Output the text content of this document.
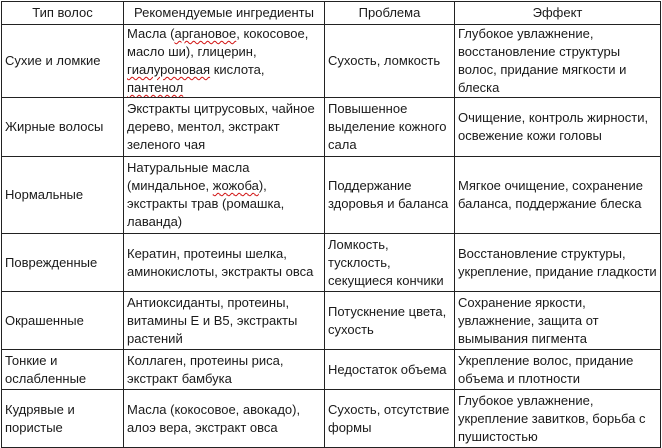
Тип волос	Рекомендуемые ингредиенты	Проблема	Эффект
Сухие и ломкие	Масла (аргановое, кокосовое, масло ши), глицерин, гиалуроновая кислота, пантенол	Сухость, ломкость	Глубокое увлажнение, восстановление структуры волос, придание мягкости и блеска
Жирные волосы	Экстракты цитрусовых, чайное дерево, ментол, экстракт зеленого чая	Повышенное выделение кожного сала	Очищение, контроль жирности, освежение кожи головы
Нормальные	Натуральные масла (миндальное, жожоба), экстракты трав (ромашка, лаванда)	Поддержание здоровья и баланса	Мягкое очищение, сохранение баланса, поддержание блеска
Поврежденные	Кератин, протеины шелка, аминокислоты, экстракты овса	Ломкость, тусклость, секущиеся кончики	Восстановление структуры, укрепление, придание гладкости
Окрашенные	Антиоксиданты, протеины, витамины Е и В5, экстракты растений	Потускнение цвета, сухость	Сохранение яркости, увлажнение, защита от вымывания пигмента
Тонкие и ослабленные	Коллаген, протеины риса, экстракт бамбука	Недостаток объема	Укрепление волос, придание объема и плотности
Кудрявые и пористые	Масла (кокосовое, авокадо), алоэ вера, экстракт овса	Сухость, отсутствие формы	Глубокое увлажнение, укрепление завитков, борьба с пушистостью
